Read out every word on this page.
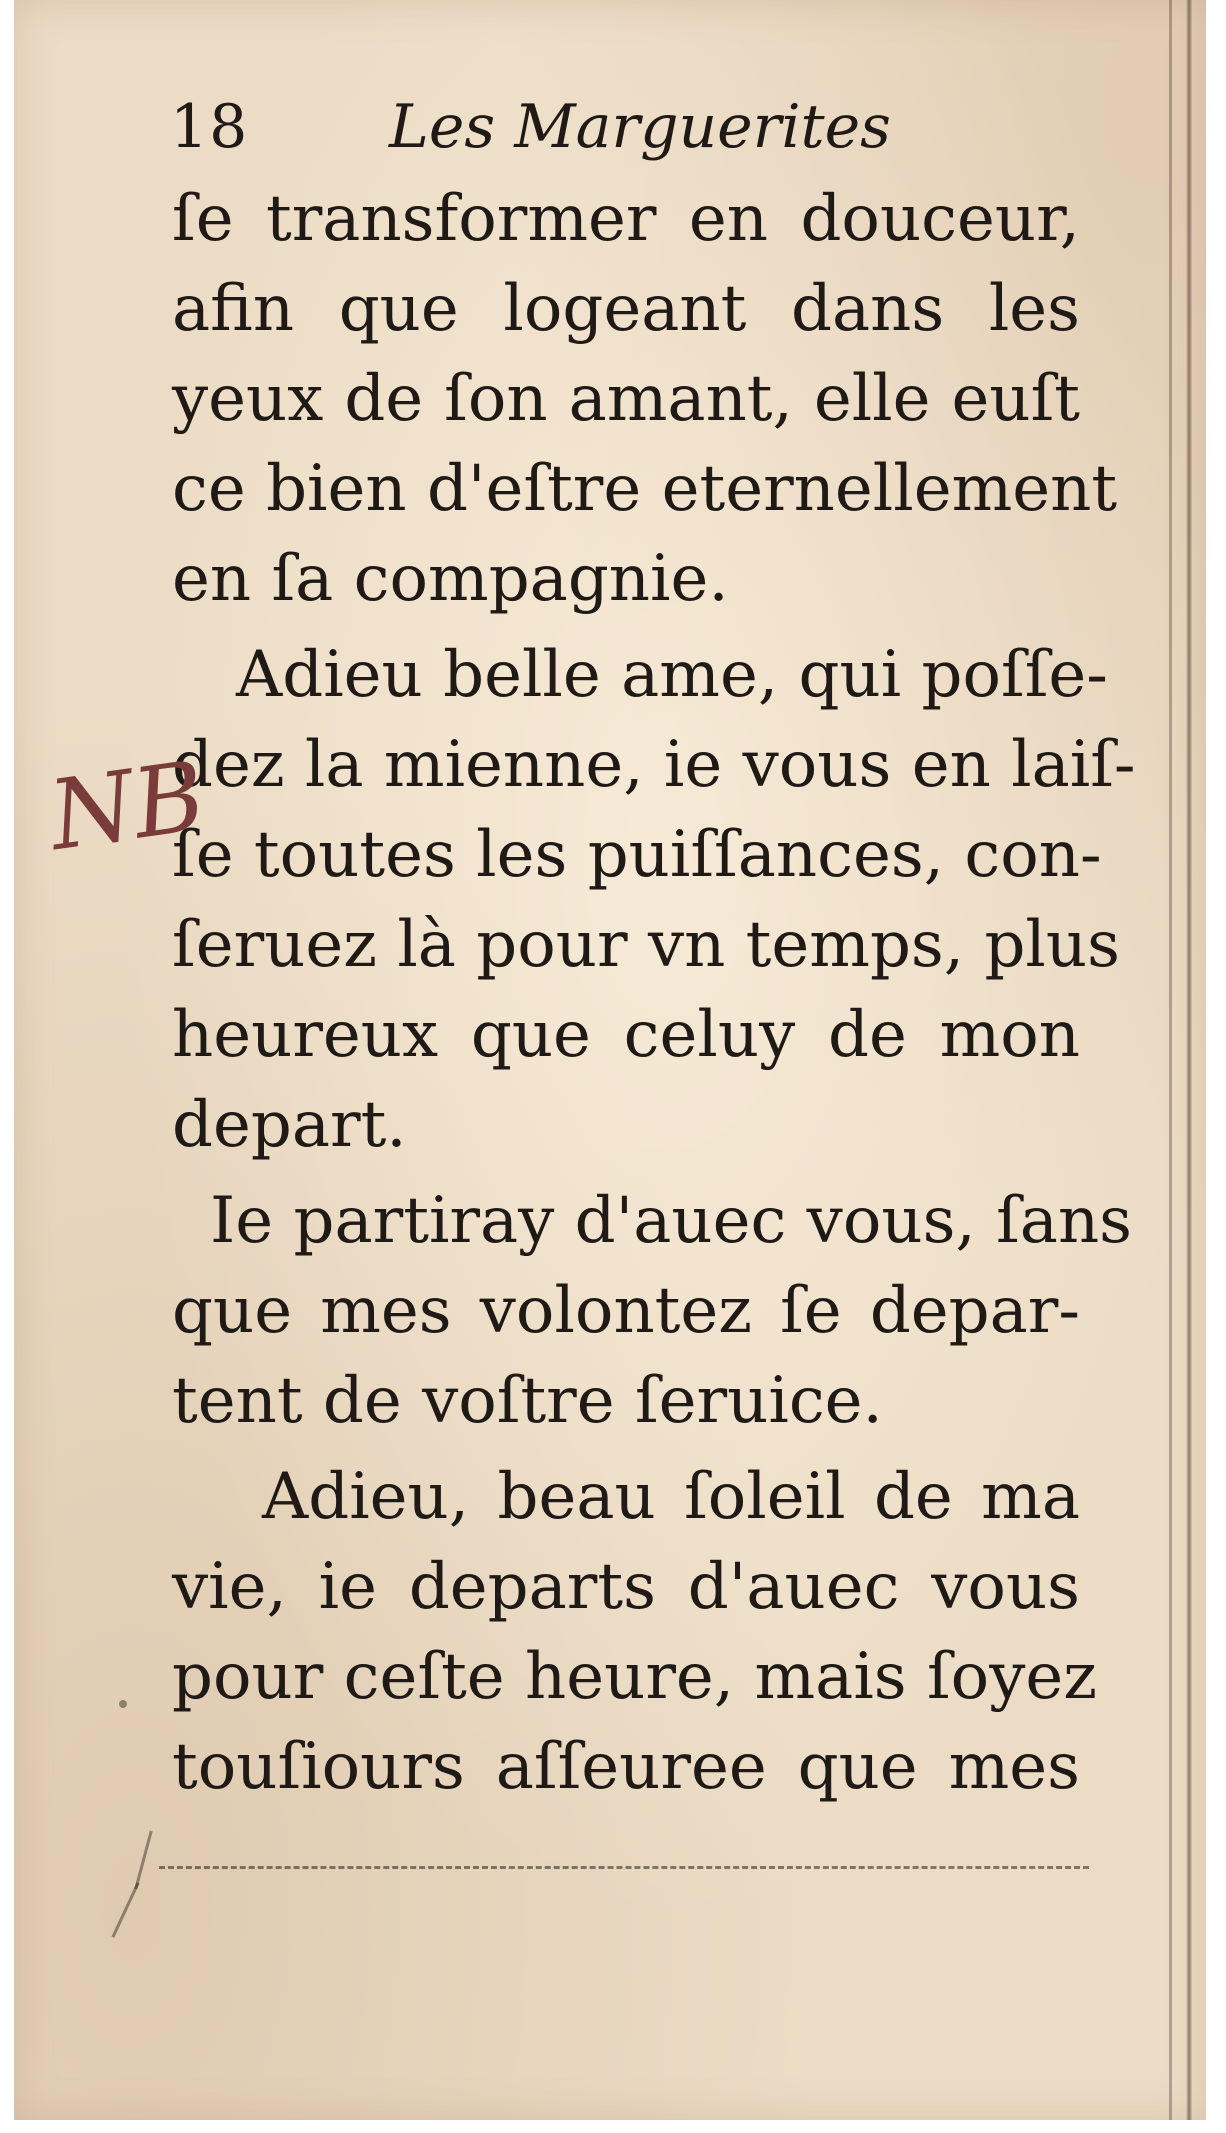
18 Les Marguerites
ſe transformer en douceur,
afin que logeant dans les
yeux de ſon amant, elle euſt
ce bien d'eſtre eternellement
en ſa compagnie.
Adieu belle ame, qui poſſe-
dez la mienne, ie vous en laiſ-
ſe toutes les puiſſances, con-
ſeruez là pour vn temps, plus
heureux que celuy de mon
depart.
Ie partiray d'auec vous, ſans
que mes volontez ſe depar-
tent de voſtre ſeruice.
Adieu, beau ſoleil de ma
vie, ie departs d'auec vous
pour ceſte heure, mais ſoyez
touſiours aſſeuree que mes
NB
